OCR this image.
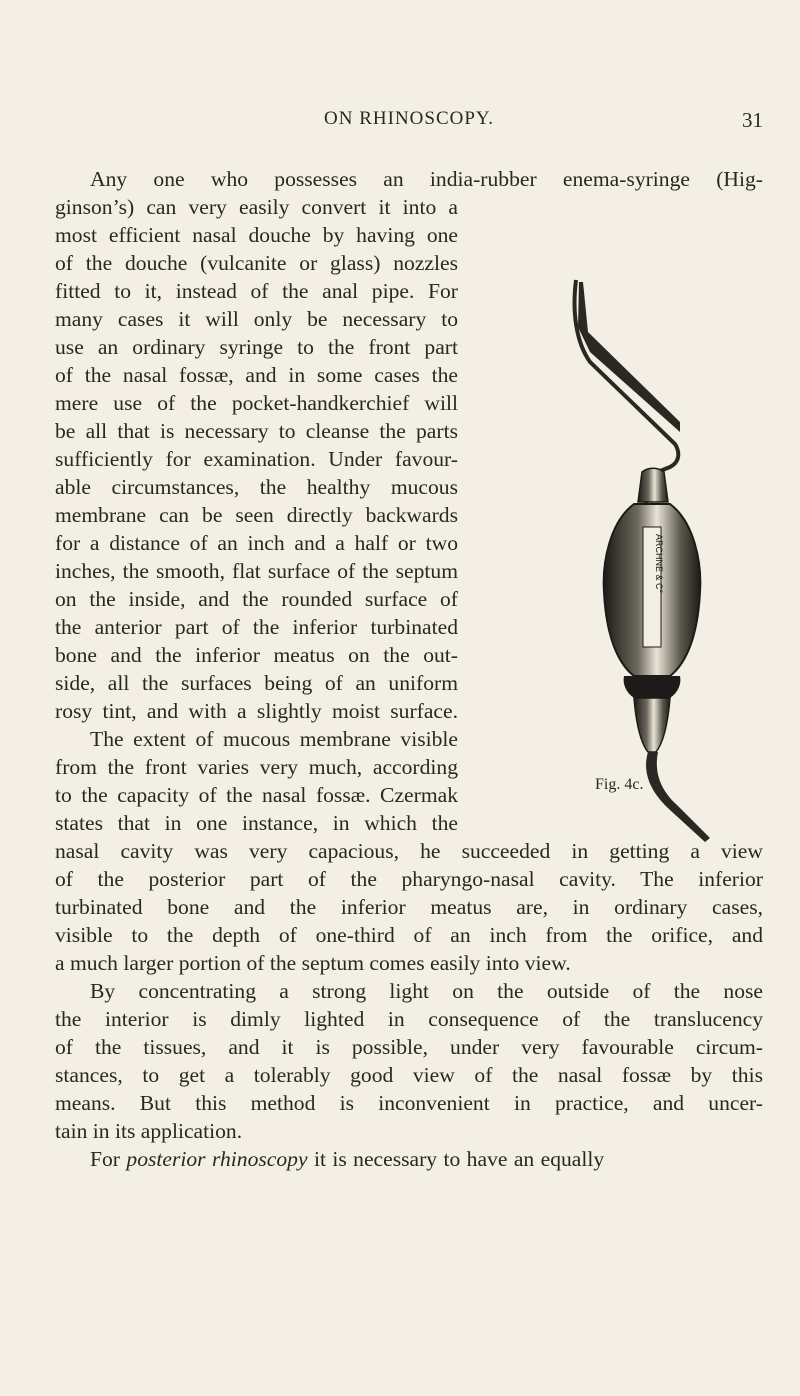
ON RHINOSCOPY.	31
Any one who possesses an india-rubber enema-syringe (Hig-
ginson’s) can very easily convert it into a
most efficient nasal douche by having one
of the douche (vulcanite or glass) nozzles
fitted to it, instead of the anal pipe. For
many cases it will only be necessary to
use an ordinary syringe to the front part
of the nasal fossæ, and in some cases the
mere use of the pocket-handkerchief will
be all that is necessary to cleanse the parts
sufficiently for examination. Under favour-
able circumstances, the healthy mucous
membrane can be seen directly backwards
for a distance of an inch and a half or two
inches, the smooth, flat surface of the septum
on the inside, and the rounded surface of
the anterior part of the inferior turbinated
bone and the inferior meatus on the out-
side, all the surfaces being of an uniform
rosy tint, and with a slightly moist surface.
The extent of mucous membrane visible
from the front varies very much, according
to the capacity of the nasal fossæ. Czermak
states that in one instance, in which the
nasal cavity was very capacious, he succeeded in getting a view
of the posterior part of the pharyngo-nasal cavity. The inferior
turbinated bone and the inferior meatus are, in ordinary cases,
visible to the depth of one-third of an inch from the orifice, and
a much larger portion of the septum comes easily into view.
By concentrating a strong light on the outside of the nose
the interior is dimly lighted in consequence of the translucency
of the tissues, and it is possible, under very favourable circum-
stances, to get a tolerably good view of the nasal fossæ by this
means. But this method is inconvenient in practice, and uncer-
tain in its application.
For posterior rhinoscopy it is necessary to have an equally
ARCHNE & C°
Fig. 4c.
